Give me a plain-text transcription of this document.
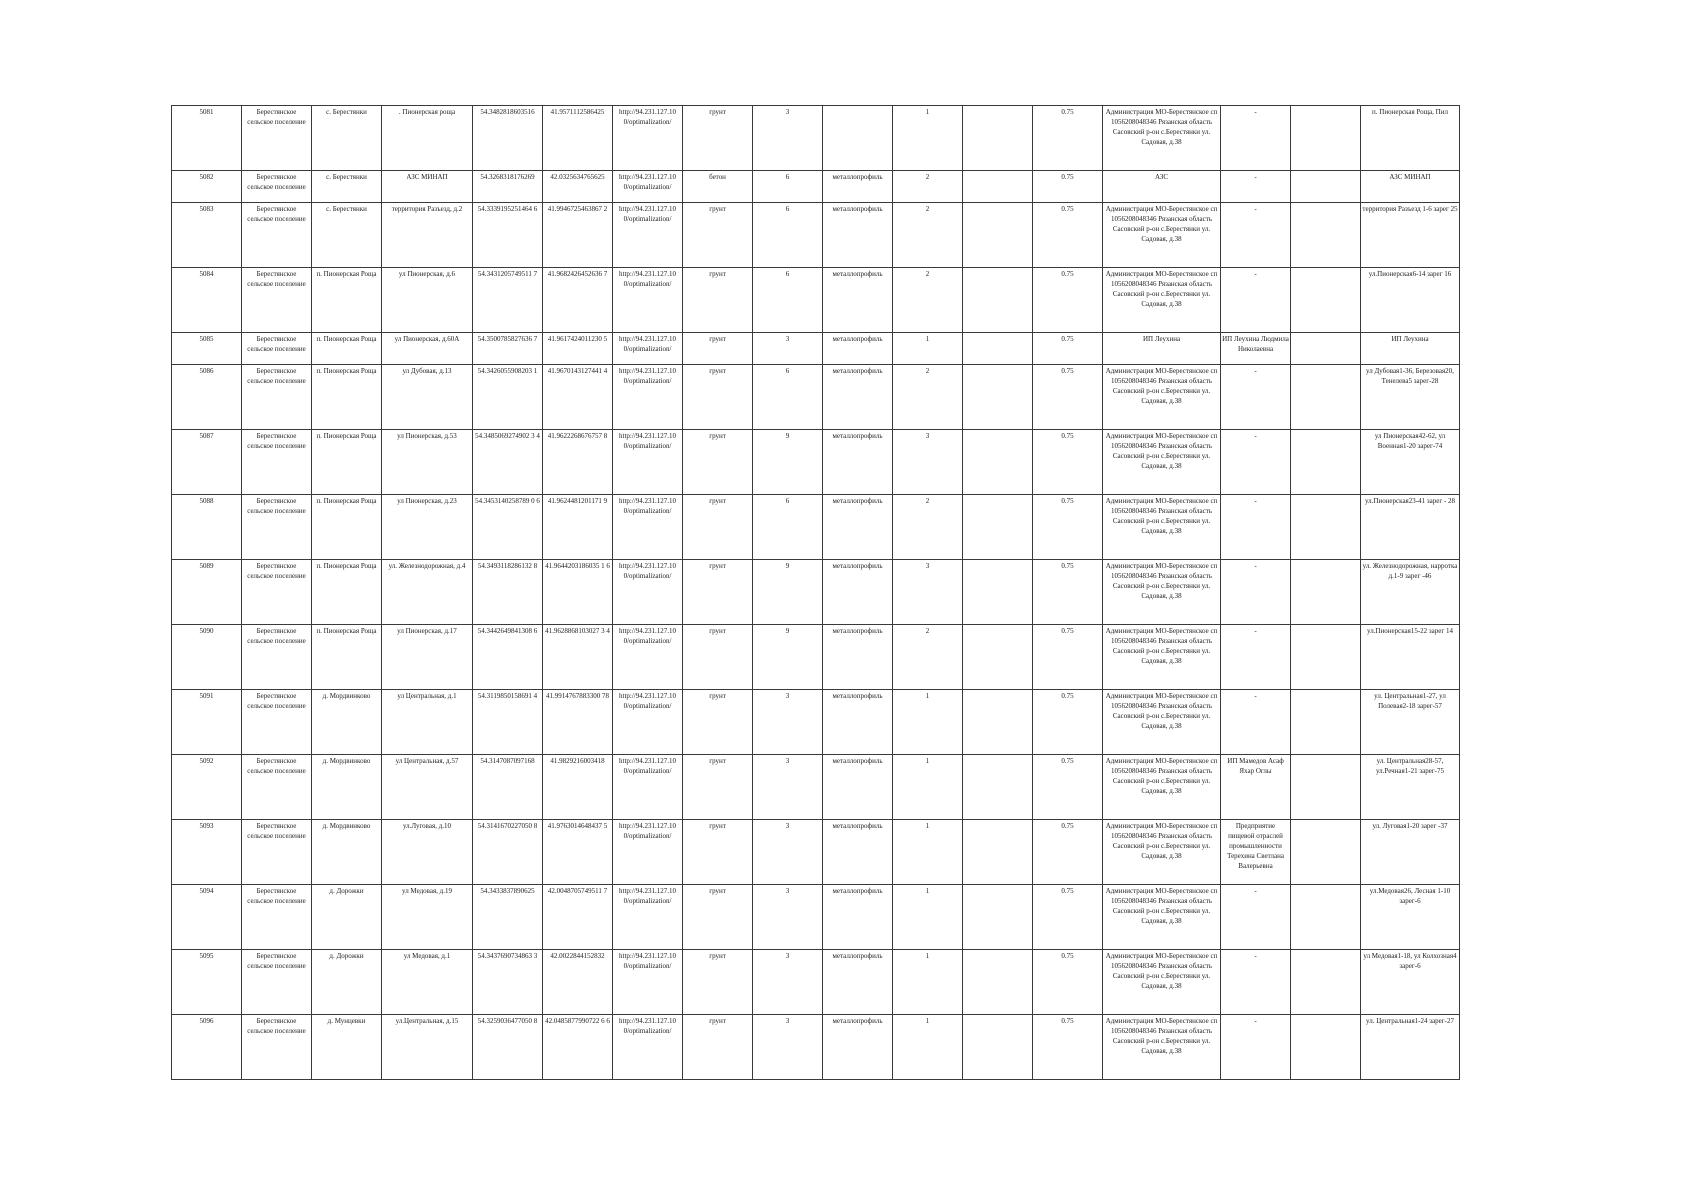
5081	Берестянское сельское поселение	с. Берестянки	. Пионерская роща	54.3482818603516	41.9571112586425	http://94.231.127.10 0/optimalization/	грунт	3		1		0.75	Администрация МО-Берестянское сп 1056208048346 Рязанская область Сасовский р-он с.Берестянки ул. Садовая, д.38	-		п. Пионерская Роща, Пил
5082	Берестянское сельское поселение	с. Берестянки	АЗС МИНАП	54.3268318176269	42.0325634765625	http://94.231.127.10 0/optimalization/	бетон	6	металлопрофиль	2		0.75	АЗС	-		АЗС МИНАП
5083	Берестянское сельское поселение	с. Берестянки	территория Разъезд, д.2	54.3339195251464 6	41.9946725463867 2	http://94.231.127.10 0/optimalization/	грунт	6	металлопрофиль	2		0.75	Администрация МО-Берестянское сп 1056208048346 Рязанская область Сасовский р-он с.Берестянки ул. Садовая, д.38	-		территория Разъезд 1-6 зарег 25
5084	Берестянское сельское поселение	п. Пионерская Роща	ул Пионерская, д.6	54.3431205749511 7	41.9682426452636 7	http://94.231.127.10 0/optimalization/	грунт	6	металлопрофиль	2		0.75	Администрация МО-Берестянское сп 1056208048346 Рязанская область Сасовский р-он с.Берестянки ул. Садовая, д.38	-		ул.Пионерская6-14 зарег 16
5085	Берестянское сельское поселение	п. Пионерская Роща	ул Пионерская, д.60А	54.3500785827636 7	41.9617424011230 5	http://94.231.127.10 0/optimalization/	грунт	3	металлопрофиль	1		0.75	ИП Леухина	ИП Леухина Людмила Николаевна		ИП Леухина
5086	Берестянское сельское поселение	п. Пионерская Роща	ул Дубовая, д.13	54.3426055908203 1	41.9670143127441 4	http://94.231.127.10 0/optimalization/	грунт	6	металлопрофиль	2		0.75	Администрация МО-Берестянское сп 1056208048346 Рязанская область Сасовский р-он с.Берестянки ул. Садовая, д.38	-		ул Дубовая1-36, Березовая20, Тенелева5 зарег-28
5087	Берестянское сельское поселение	п. Пионерская Роща	ул Пионерская, д.53	54.3485069274902 3 4	41.9622268676757 8	http://94.231.127.10 0/optimalization/	грунт	9	металлопрофиль	3		0.75	Администрация МО-Берестянское сп 1056208048346 Рязанская область Сасовский р-он с.Берестянки ул. Садовая, д.38	-		ул Пионерская42-62, ул Военная1-20 зарег-74
5088	Берестянское сельское поселение	п. Пионерская Роща	ул Пионерская, д.23	54.3453140258789 0 6	41.9624481201171 9	http://94.231.127.10 0/optimalization/	грунт	6	металлопрофиль	2		0.75	Администрация МО-Берестянское сп 1056208048346 Рязанская область Сасовский р-он с.Берестянки ул. Садовая, д.38	-		ул.Пионерская23-41 зарег - 28
5089	Берестянское сельское поселение	п. Пионерская Роща	ул. Железнодорожная, д.4	54.3493118286132 8	41.9644203186035 1 6	http://94.231.127.10 0/optimalization/	грунт	9	металлопрофиль	3		0.75	Администрация МО-Берестянское сп 1056208048346 Рязанская область Сасовский р-он с.Берестянки ул. Садовая, д.38	-		ул. Железнодорожная, нарротка д.1-9 зарег -46
5090	Берестянское сельское поселение	п. Пионерская Роща	ул Пионерская, д.17	54.3442649841308 6	41.9628868103027 3 4	http://94.231.127.10 0/optimalization/	грунт	9	металлопрофиль	2		0.75	Администрация МО-Берестянское сп 1056208048346 Рязанская область Сасовский р-он с.Берестянки ул. Садовая, д.38	-		ул.Пионерская15-22 зарег 14
5091	Берестянское сельское поселение	д. Мордвинково	ул Центральная, д.1	54.3119850158691 4	41.9914767883300 78	http://94.231.127.10 0/optimalization/	грунт	3	металлопрофиль	1		0.75	Администрация МО-Берестянское сп 1056208048346 Рязанская область Сасовский р-он с.Берестянки ул. Садовая, д.38	-		ул. Центральная1-27, ул Полевая2-18 зарег-57
5092	Берестянское сельское поселение	д. Мордвинково	ул Центральная, д.57	54.3147087097168	41.9829216003418	http://94.231.127.10 0/optimalization/	грунт	3	металлопрофиль	1		0.75	Администрация МО-Берестянское сп 1056208048346 Рязанская область Сасовский р-он с.Берестянки ул. Садовая, д.38	ИП Мамедов Асаф Яхар Оглы		ул. Центральная28-57, ул.Речная1-21 зарег-75
5093	Берестянское сельское поселение	д. Мордвинково	ул.Луговая, д.10	54.3141670227050 8	41.9763014648437 5	http://94.231.127.10 0/optimalization/	грунт	3	металлопрофиль	1		0.75	Администрация МО-Берестянское сп 1056208048346 Рязанская область Сасовский р-он с.Берестянки ул. Садовая, д.38	Предприятие пищевой отраслей промышленности Терехина Светлана Валерьевна		ул. Луговая1-20 зарег -37
5094	Берестянское сельское поселение	д. Дорожки	ул Медовая, д.19	54.3433837890625	42.0048705749511 7	http://94.231.127.10 0/optimalization/	грунт	3	металлопрофиль	1		0.75	Администрация МО-Берестянское сп 1056208048346 Рязанская область Сасовский р-он с.Берестянки ул. Садовая, д.38	-		ул.Медовая26, Лесная 1-10 зарег-6
5095	Берестянское сельское поселение	д. Дорожки	ул Медовая, д.1	54.3437690734863 3	42.0022844152832	http://94.231.127.10 0/optimalization/	грунт	3	металлопрофиль	1		0.75	Администрация МО-Берестянское сп 1056208048346 Рязанская область Сасовский р-он с.Берестянки ул. Садовая, д.38	-		ул Медовая1-18, ул Колхозная4 зарег-6
5096	Берестянское сельское поселение	д. Мунцевки	ул.Центральная, д.15	54.3259036477050 8	42.0485877990722 6 6	http://94.231.127.10 0/optimalization/	грунт	3	металлопрофиль	1		0.75	Администрация МО-Берестянское сп 1056208048346 Рязанская область Сасовский р-он с.Берестянки ул. Садовая, д.38	-		ул. Центральная1-24 зарег-27
